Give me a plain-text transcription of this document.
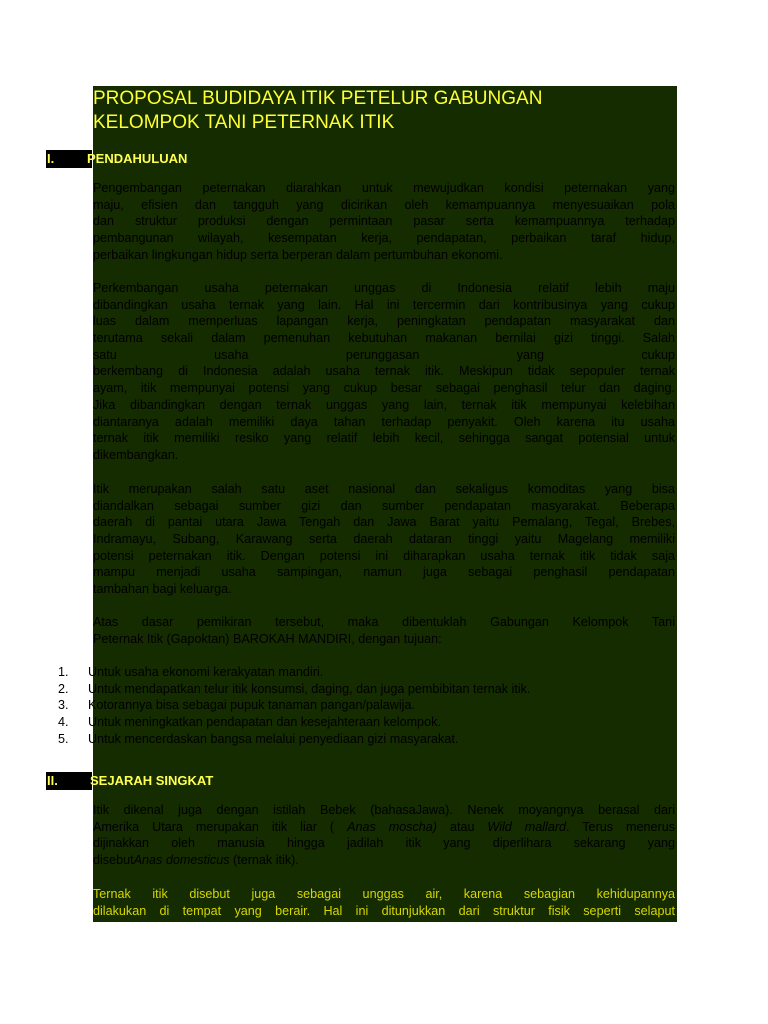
PROPOSAL BUDIDAYA ITIK PETELUR GABUNGAN
KELOMPOK TANI PETERNAK ITIK
I.	PENDAHULUAN

Pengembangan peternakan diarahkan untuk mewujudkan kondisi peternakan yang
maju, efisien dan tangguh yang dicirikan oleh kemampuannya menyesuaikan pola
dan struktur produksi dengan permintaan pasar serta kemampuannya terhadap
pembangunan wilayah, kesempatan kerja, pendapatan, perbaikan taraf hidup,
perbaikan lingkungan hidup serta berperan dalam pertumbuhan ekonomi.

Perkembangan usaha peternakan unggas di Indonesia relatif lebih maju
dibandingkan usaha ternak yang lain. Hal ini tercermin dari kontribusinya yang cukup
luas dalam memperluas lapangan kerja, peningkatan pendapatan masyarakat dan
terutama sekali dalam pemenuhan kebutuhan makanan bernilai gizi tinggi. Salah
satu usaha perunggasan yang cukup
berkembang di Indonesia adalah usaha ternak itik. Meskipun tidak sepopuler ternak
ayam, itik mempunyai potensi yang cukup besar sebagai penghasil telur dan daging.
Jika dibandingkan dengan ternak unggas yang lain, ternak itik mempunyai kelebihan
diantaranya adalah memiliki daya tahan terhadap penyakit. Oleh karena itu usaha
ternak itik memiliki resiko yang relatif lebih kecil, sehingga sangat potensial untuk
dikembangkan.

Itik merupakan salah satu aset nasional dan sekaligus komoditas yang bisa
diandalkan sebagai sumber gizi dan sumber pendapatan masyarakat. Beberapa
daerah di pantai utara Jawa Tengah dan Jawa Barat yaitu Pemalang, Tegal, Brebes,
Indramayu, Subang, Karawang serta daerah dataran tinggi yaitu Magelang memiliki
potensi peternakan itik. Dengan potensi ini diharapkan usaha ternak itik tidak saja
mampu menjadi usaha sampingan, namun juga sebagai penghasil pendapatan
tambahan bagi keluarga.

Atas dasar pemikiran tersebut, maka dibentuklah Gabungan Kelompok Tani
Peternak Itik (Gapoktan) BAROKAH MANDIRI, dengan tujuan:

1. Untuk usaha ekonomi kerakyatan mandiri.
2. Untuk mendapatkan telur itik konsumsi, daging, dan juga pembibitan ternak itik.
3. Kotorannya bisa sebagai pupuk tanaman pangan/palawija.
4. Untuk meningkatkan pendapatan dan kesejahteraan kelompok.
5. Untuk mencerdaskan bangsa melalui penyediaan gizi masyarakat.
II.	SEJARAH SINGKAT

Itik dikenal juga dengan istilah Bebek (bahasaJawa). Nenek moyangnya berasal dari
Amerika Utara merupakan itik liar ( Anas moscha) atau Wild mallard. Terus menerus
dijinakkan oleh manusia hingga jadilah itik yang diperlihara sekarang yang
disebutAnas domesticus (ternak itik).

Ternak itik disebut juga sebagai unggas air, karena sebagian kehidupannya
dilakukan di tempat yang berair. Hal ini ditunjukkan dari struktur fisik seperti selaput
